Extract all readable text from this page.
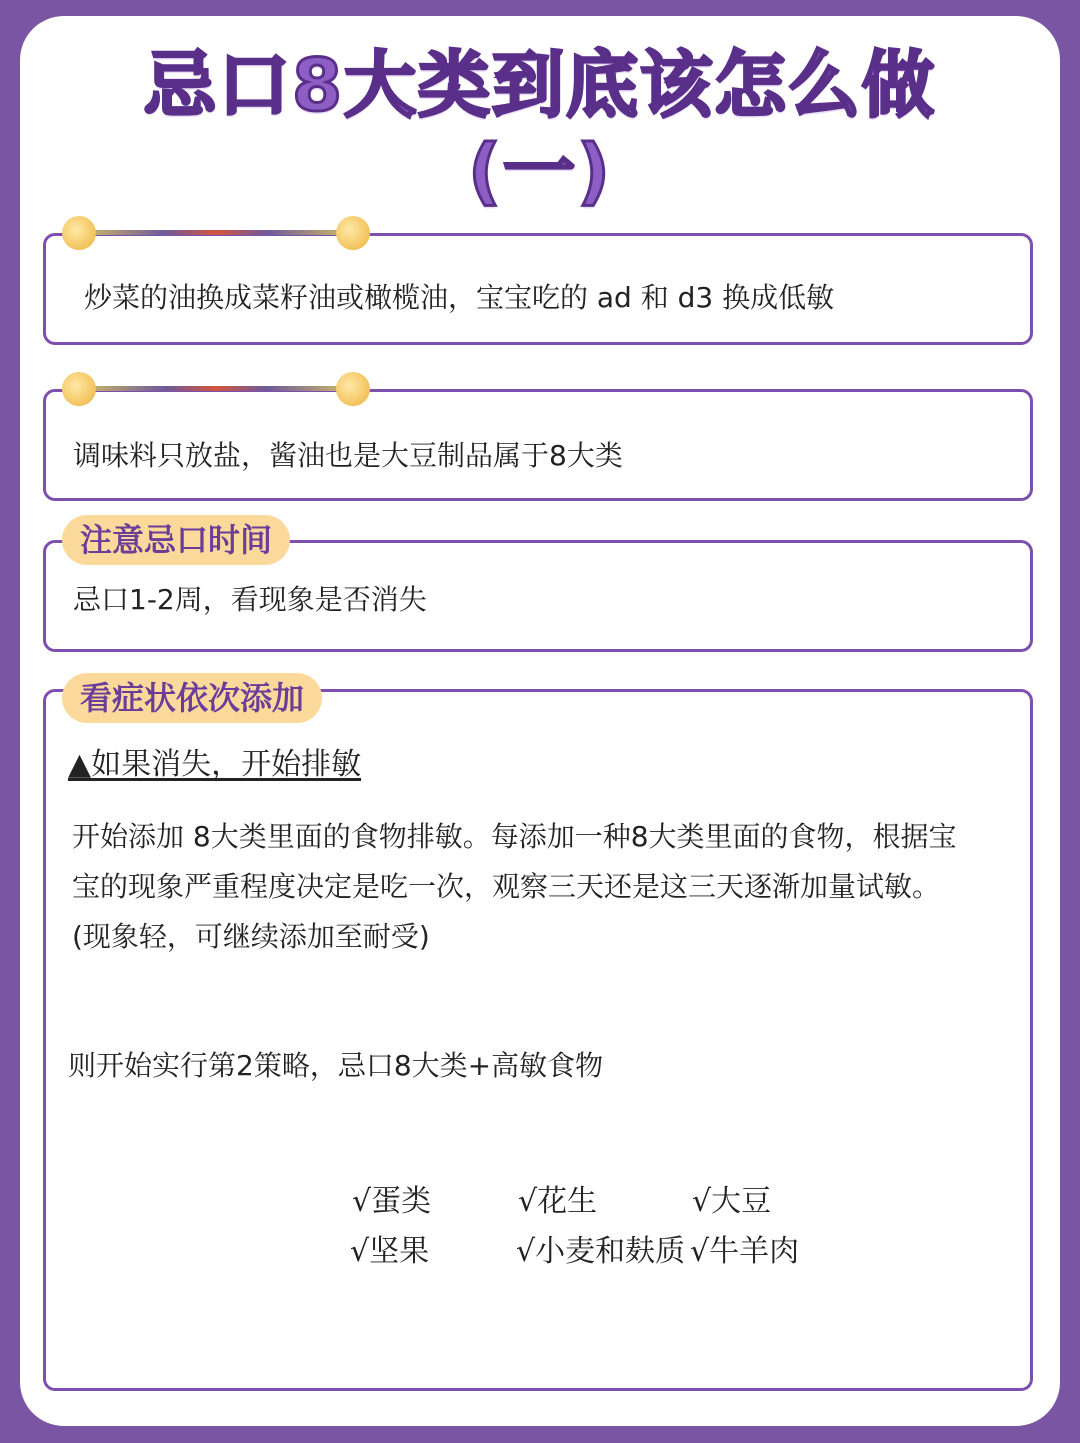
忌口8大类到底该怎么做
(一)
炒菜的油换成菜籽油或橄榄油，宝宝吃的 ad 和 d3 换成低敏
调味料只放盐，酱油也是大豆制品属于8大类
忌口1-2周，看现象是否消失
注意忌口时间
看症状依次添加
▲如果消失，开始排敏
开始添加 8大类里面的食物排敏。每添加一种8大类里面的食物，根据宝
宝的现象严重程度决定是吃一次，观察三天还是这三天逐渐加量试敏。
(现象轻，可继续添加至耐受)
则开始实行第2策略，忌口8大类+高敏食物
√蛋类	√花生	√大豆
√坚果	√小麦和麸质 √牛羊肉
